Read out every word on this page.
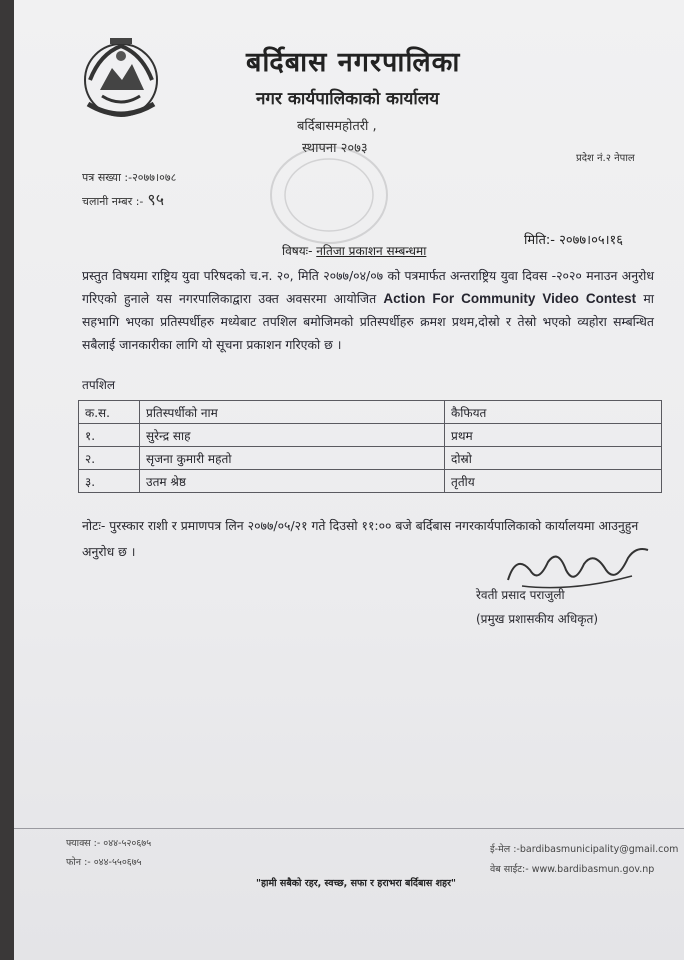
बर्दिबास नगरपालिका
नगर कार्यपालिकाको कार्यालय
बर्दिबासमहोतरी ,
स्थापना २०७३
प्रदेश नं.२ नेपाल
पत्र सख्या :-२०७७।०७८
चलानी नम्बर :- ९५
मिति:- २०७७।०५।१६
विषयः- नतिजा प्रकाशन सम्बन्धमा
प्रस्तुत विषयमा राष्ट्रिय युवा परिषदको च.न. २०, मिति २०७७/०४/०७ को पत्रमार्फत अन्तराष्ट्रिय युवा दिवस -२०२० मनाउन अनुरोध गरिएको हुनाले यस नगरपालिकाद्वारा उक्त अवसरमा आयोजित Action For Community Video Contest मा सहभागि भएका प्रतिस्पर्धीहरु मध्येबाट तपशिल बमोजिमको प्रतिस्पर्धीहरु क्रमश प्रथम,दोस्रो र तेस्रो भएको व्यहोरा सम्बन्धित सबैलाई जानकारीका लागि यो सूचना प्रकाशन गरिएको छ ।
तपशिल
क.स.	प्रतिस्पर्धीको नाम	कैफियत
१.	सुरेन्द्र साह	प्रथम
२.	सृजना कुमारी महतो	दोस्रो
३.	उतम श्रेष्ठ	तृतीय
नोटः- पुरस्कार राशी र प्रमाणपत्र लिन २०७७/०५/२१ गते दिउसो ११:०० बजे बर्दिबास नगरकार्यपालिकाको कार्यालयमा आउनुहुन अनुरोध छ ।
रेवती प्रसाद पराजुली
(प्रमुख प्रशासकीय अधिकृत)
फ्याक्स :- ०४४-५२०६७५
फोन :- ०४४-५५०६७५
ई-मेल :-bardibasmunicipality@gmail.com
वेब साईट:- www.bardibasmun.gov.np
"हामी सबैको रहर, स्वच्छ, सफा र हराभरा बर्दिबास शहर"
